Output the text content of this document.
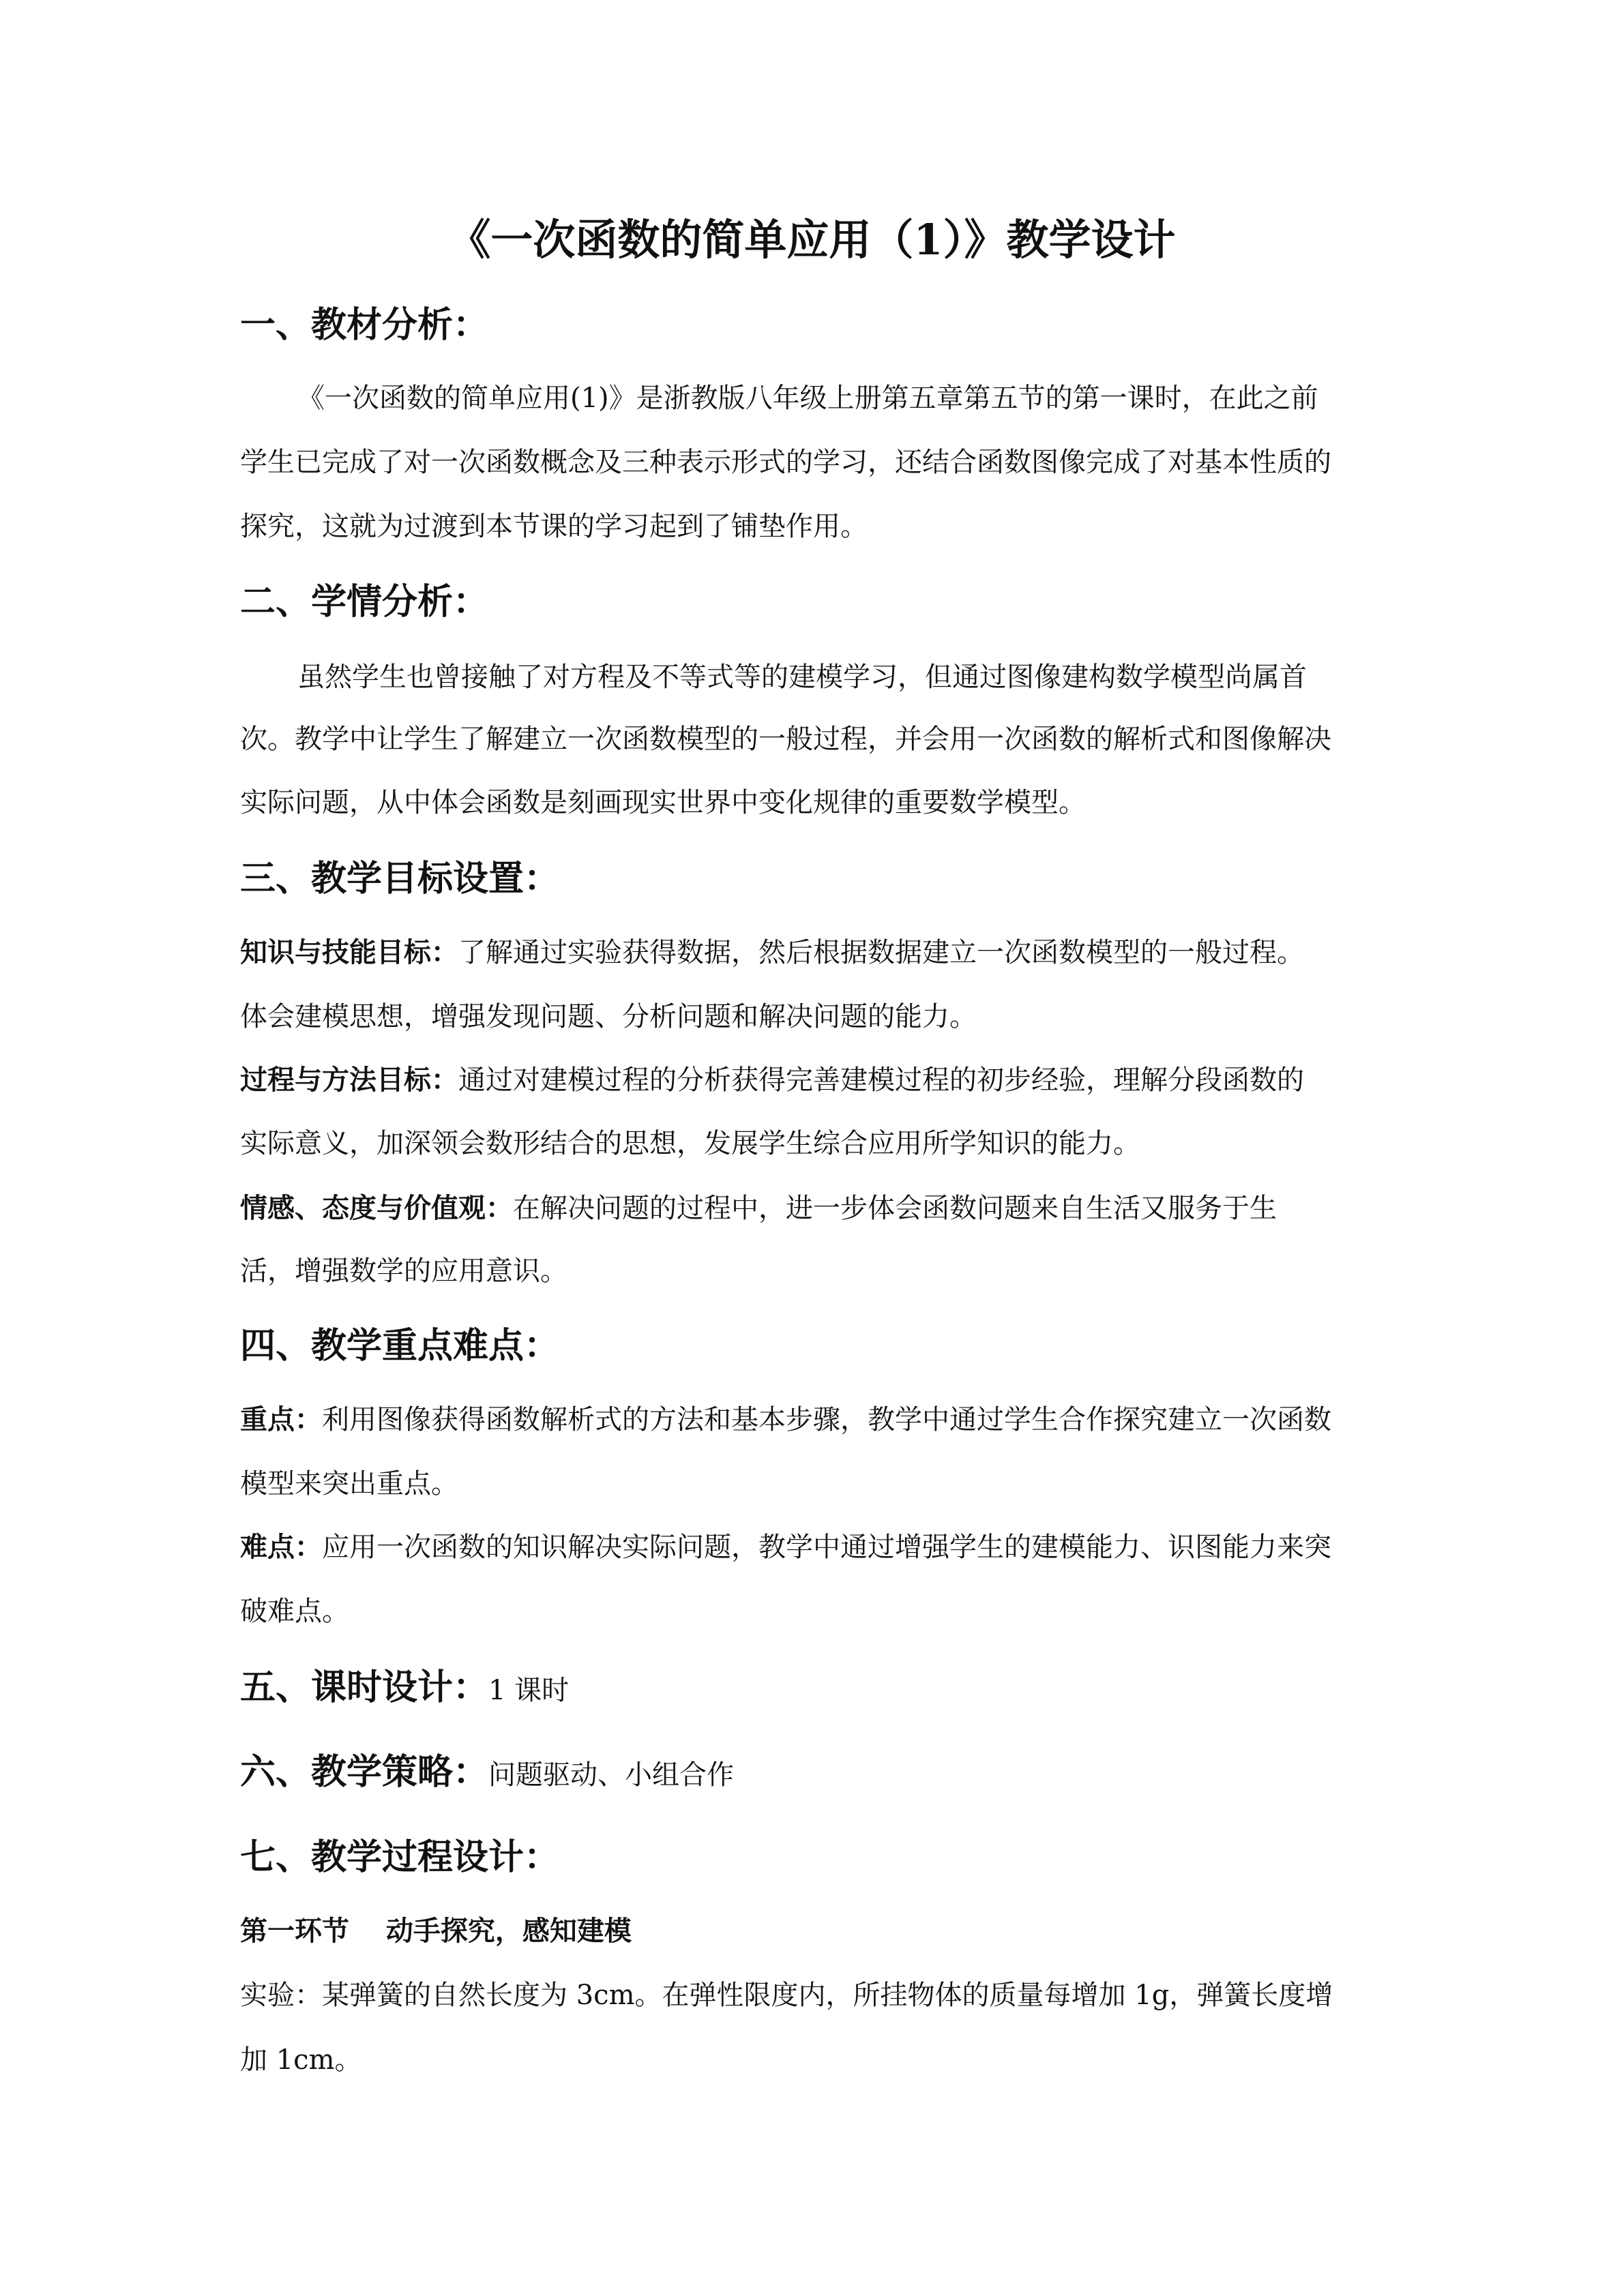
《一次函数的简单应用（1）》教学设计
一、教材分析：
《一次函数的简单应用(1)》是浙教版八年级上册第五章第五节的第一课时，在此之前
学生已完成了对一次函数概念及三种表示形式的学习，还结合函数图像完成了对基本性质的
探究，这就为过渡到本节课的学习起到了铺垫作用。
二、学情分析：
虽然学生也曾接触了对方程及不等式等的建模学习，但通过图像建构数学模型尚属首
次。教学中让学生了解建立一次函数模型的一般过程，并会用一次函数的解析式和图像解决
实际问题，从中体会函数是刻画现实世界中变化规律的重要数学模型。
三、教学目标设置：
知识与技能目标：了解通过实验获得数据，然后根据数据建立一次函数模型的一般过程。
体会建模思想，增强发现问题、分析问题和解决问题的能力。
过程与方法目标：通过对建模过程的分析获得完善建模过程的初步经验，理解分段函数的
实际意义，加深领会数形结合的思想，发展学生综合应用所学知识的能力。
情感、态度与价值观：在解决问题的过程中，进一步体会函数问题来自生活又服务于生
活，增强数学的应用意识。
四、教学重点难点：
重点：利用图像获得函数解析式的方法和基本步骤，教学中通过学生合作探究建立一次函数
模型来突出重点。
难点：应用一次函数的知识解决实际问题，教学中通过增强学生的建模能力、识图能力来突
破难点。
五、课时设计：1 课时
六、教学策略：问题驱动、小组合作
七、教学过程设计：
第一环节　 动手探究，感知建模
实验：某弹簧的自然长度为 3cm。在弹性限度内，所挂物体的质量每增加 1g，弹簧长度增
加 1cm。
